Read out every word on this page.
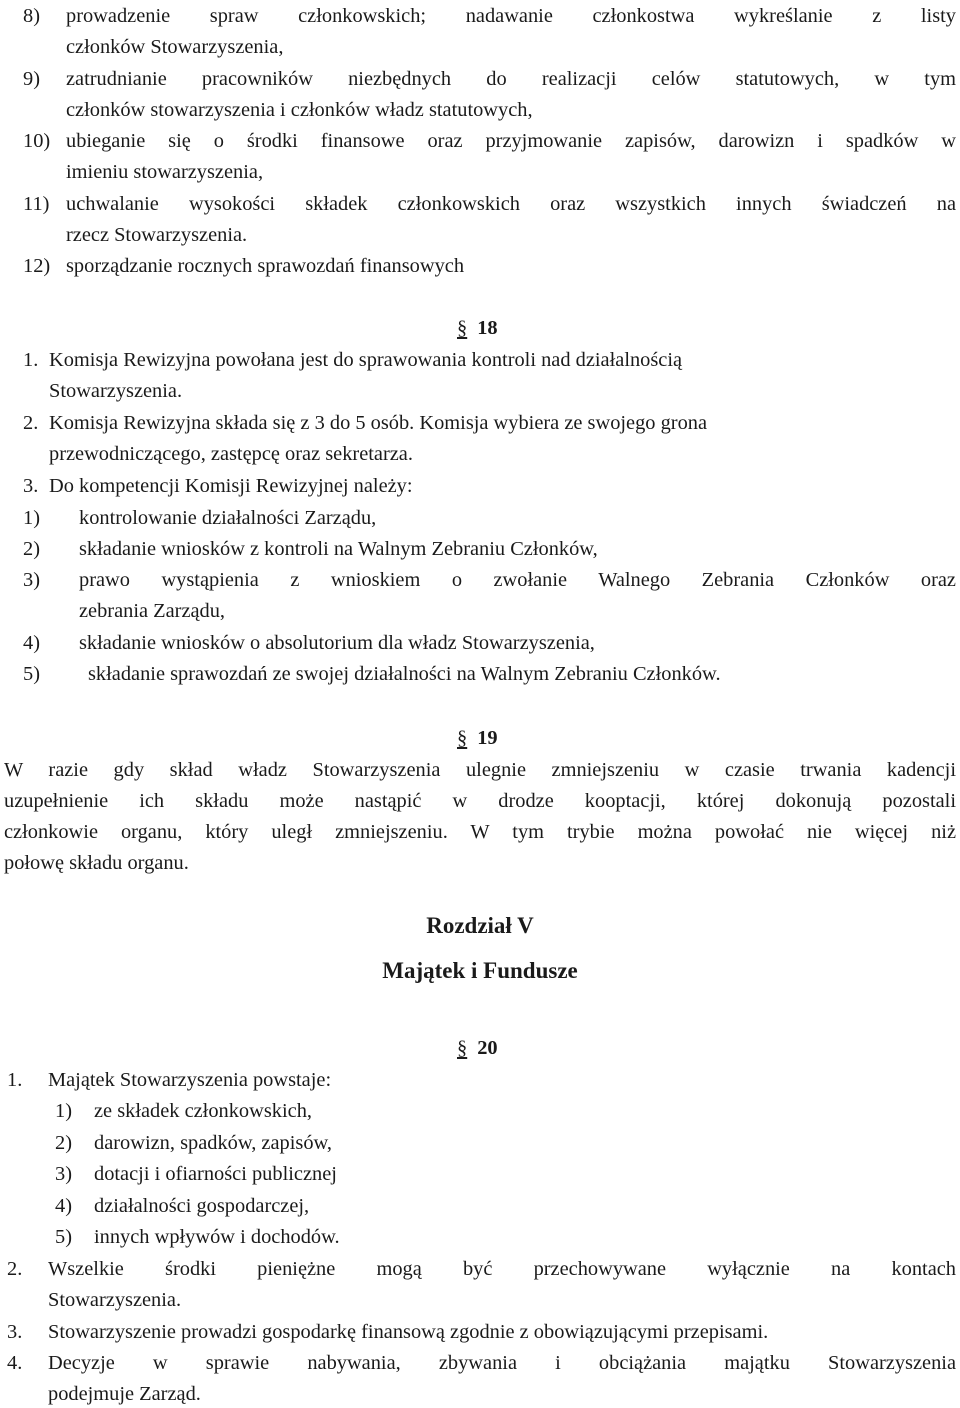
8) prowadzenie spraw członkowskich; nadawanie członkostwa wykreślanie z listy
członków Stowarzyszenia,
9) zatrudnianie pracowników niezbędnych do realizacji celów statutowych, w tym
członków stowarzyszenia i członków władz statutowych,
10) ubieganie się o środki finansowe oraz przyjmowanie zapisów, darowizn i spadków w
imieniu stowarzyszenia,
11) uchwalanie wysokości składek członkowskich oraz wszystkich innych świadczeń na
rzecz Stowarzyszenia.
12) sporządzanie rocznych sprawozdań finansowych
§ 18
1. Komisja Rewizyjna powołana jest do sprawowania kontroli nad działalnością
Stowarzyszenia.
2. Komisja Rewizyjna składa się z 3 do 5 osób. Komisja wybiera ze swojego grona
przewodniczącego, zastępcę oraz sekretarza.
3. Do kompetencji Komisji Rewizyjnej należy:
1) kontrolowanie działalności Zarządu,
2) składanie wniosków z kontroli na Walnym Zebraniu Członków,
3) prawo wystąpienia z wnioskiem o zwołanie Walnego Zebrania Członków oraz
zebrania Zarządu,
4) składanie wniosków o absolutorium dla władz Stowarzyszenia,
5) składanie sprawozdań ze swojej działalności na Walnym Zebraniu Członków.
§ 19
W razie gdy skład władz Stowarzyszenia ulegnie zmniejszeniu w czasie trwania kadencji
uzupełnienie ich składu może nastąpić w drodze kooptacji, której dokonują pozostali
członkowie organu, który uległ zmniejszeniu. W tym trybie można powołać nie więcej niż
połowę składu organu.
Rozdział V
Majątek i Fundusze
§ 20
1. Majątek Stowarzyszenia powstaje:
1) ze składek członkowskich,
2) darowizn, spadków, zapisów,
3) dotacji i ofiarności publicznej
4) działalności gospodarczej,
5) innych wpływów i dochodów.
2. Wszelkie środki pieniężne mogą być przechowywane wyłącznie na kontach
Stowarzyszenia.
3. Stowarzyszenie prowadzi gospodarkę finansową zgodnie z obowiązującymi przepisami.
4. Decyzje w sprawie nabywania, zbywania i obciążania majątku Stowarzyszenia
podejmuje Zarząd.
